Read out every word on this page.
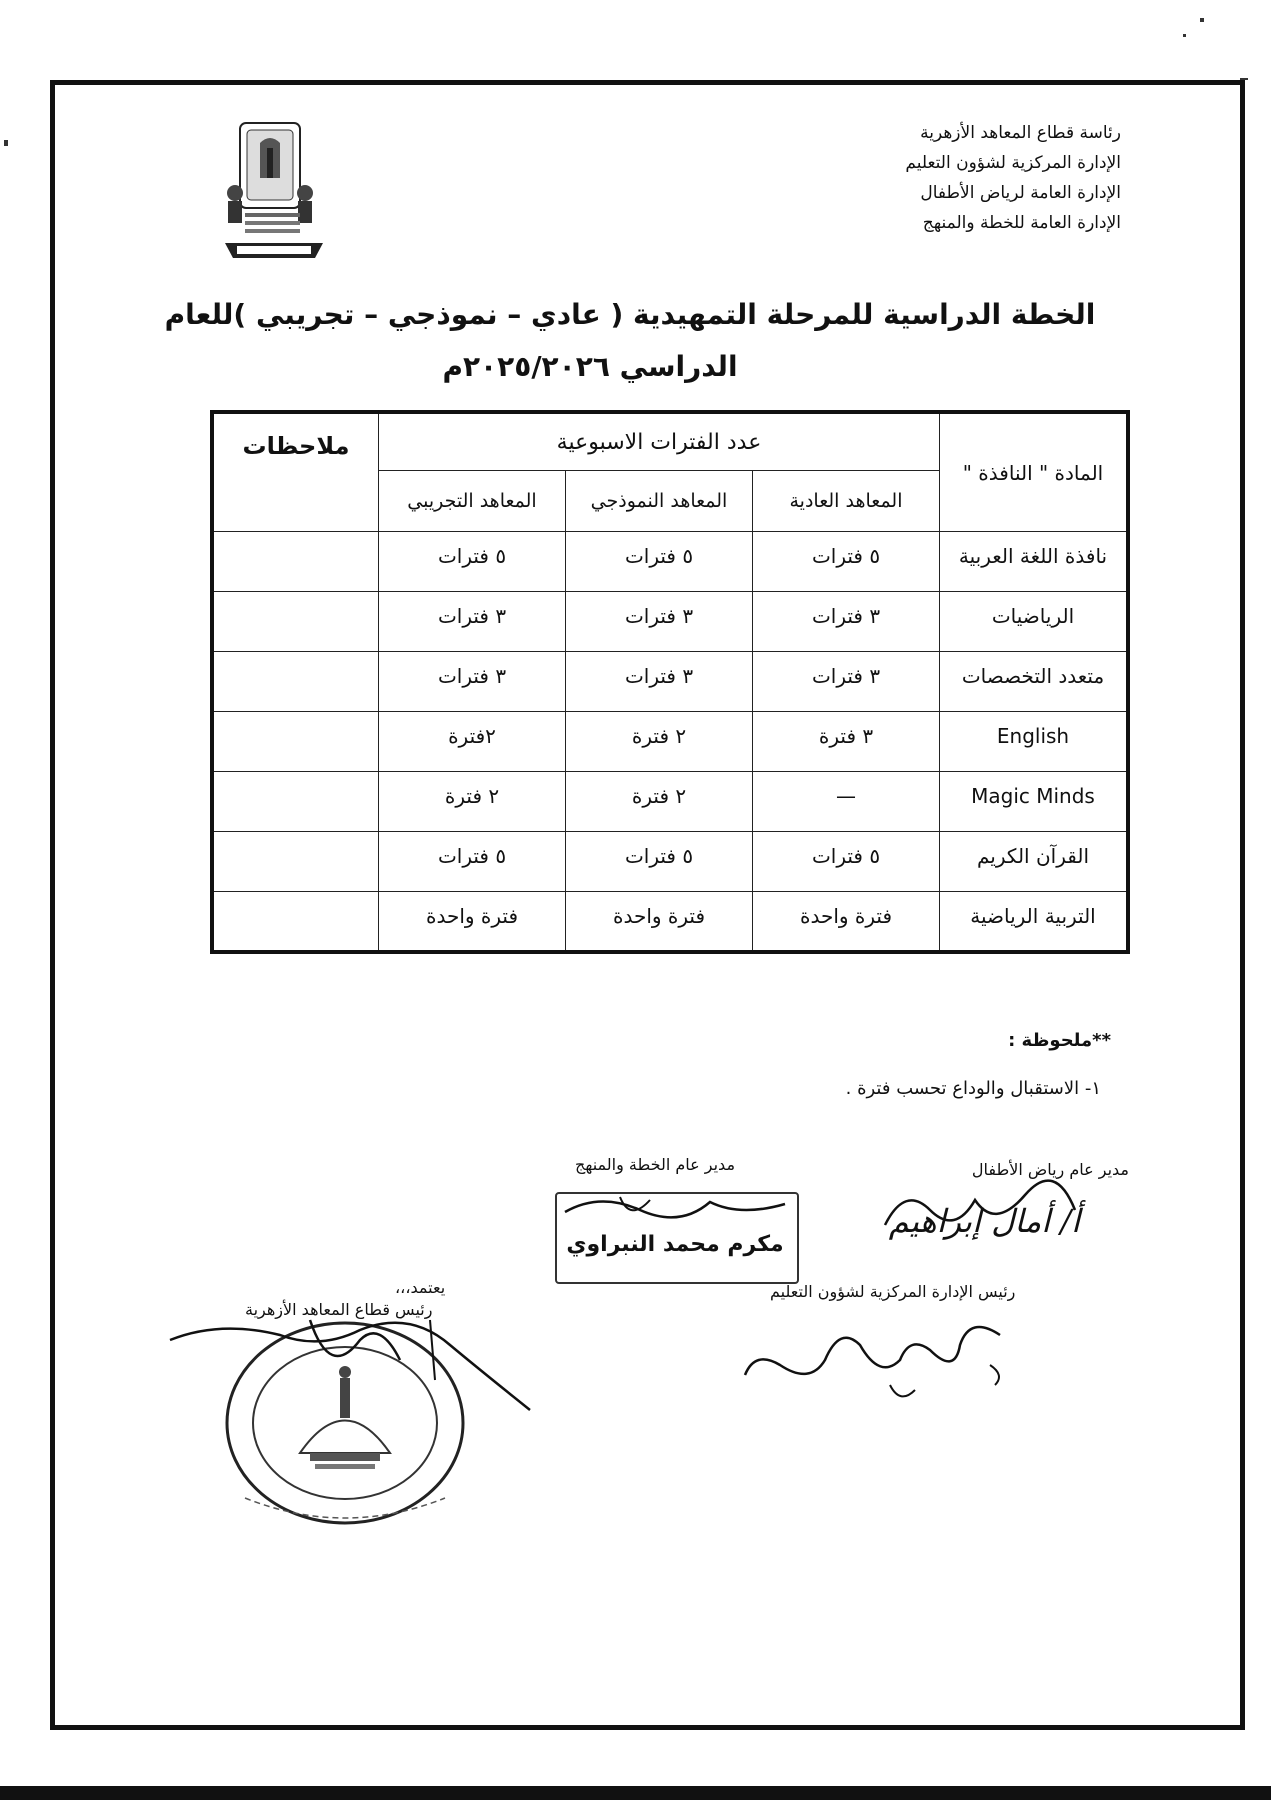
رئاسة قطاع المعاهد الأزهرية
الإدارة المركزية لشؤون التعليم
الإدارة العامة لرياض الأطفال
الإدارة العامة للخطة والمنهج
الخطة الدراسية للمرحلة التمهيدية ( عادي – نموذجي – تجريبي )للعام
الدراسي ٢٠٢٥/٢٠٢٦م
المادة " النافذة "	عدد الفترات الاسبوعية			ملاحظات
	المعاهد العادية	المعاهد النموذجي	المعاهد التجريبي	
نافذة اللغة العربية	٥ فترات	٥ فترات	٥ فترات	
الرياضيات	٣ فترات	٣ فترات	٣ فترات	
متعدد التخصصات	٣ فترات	٣ فترات	٣ فترات	
English	٣ فترة	٢ فترة	٢فترة	
Magic Minds	—	٢ فترة	٢ فترة	
القرآن الكريم	٥ فترات	٥ فترات	٥ فترات	
التربية الرياضية	فترة واحدة	فترة واحدة	فترة واحدة	
**ملحوظة :
١- الاستقبال والوداع تحسب فترة .
مدير عام رياض الأطفال
أ/ أمال إبراهيم
مدير عام الخطة والمنهج
مكرم محمد النبراوي
رئيس الإدارة المركزية لشؤون التعليم
يعتمد،،،
رئيس قطاع المعاهد الأزهرية
